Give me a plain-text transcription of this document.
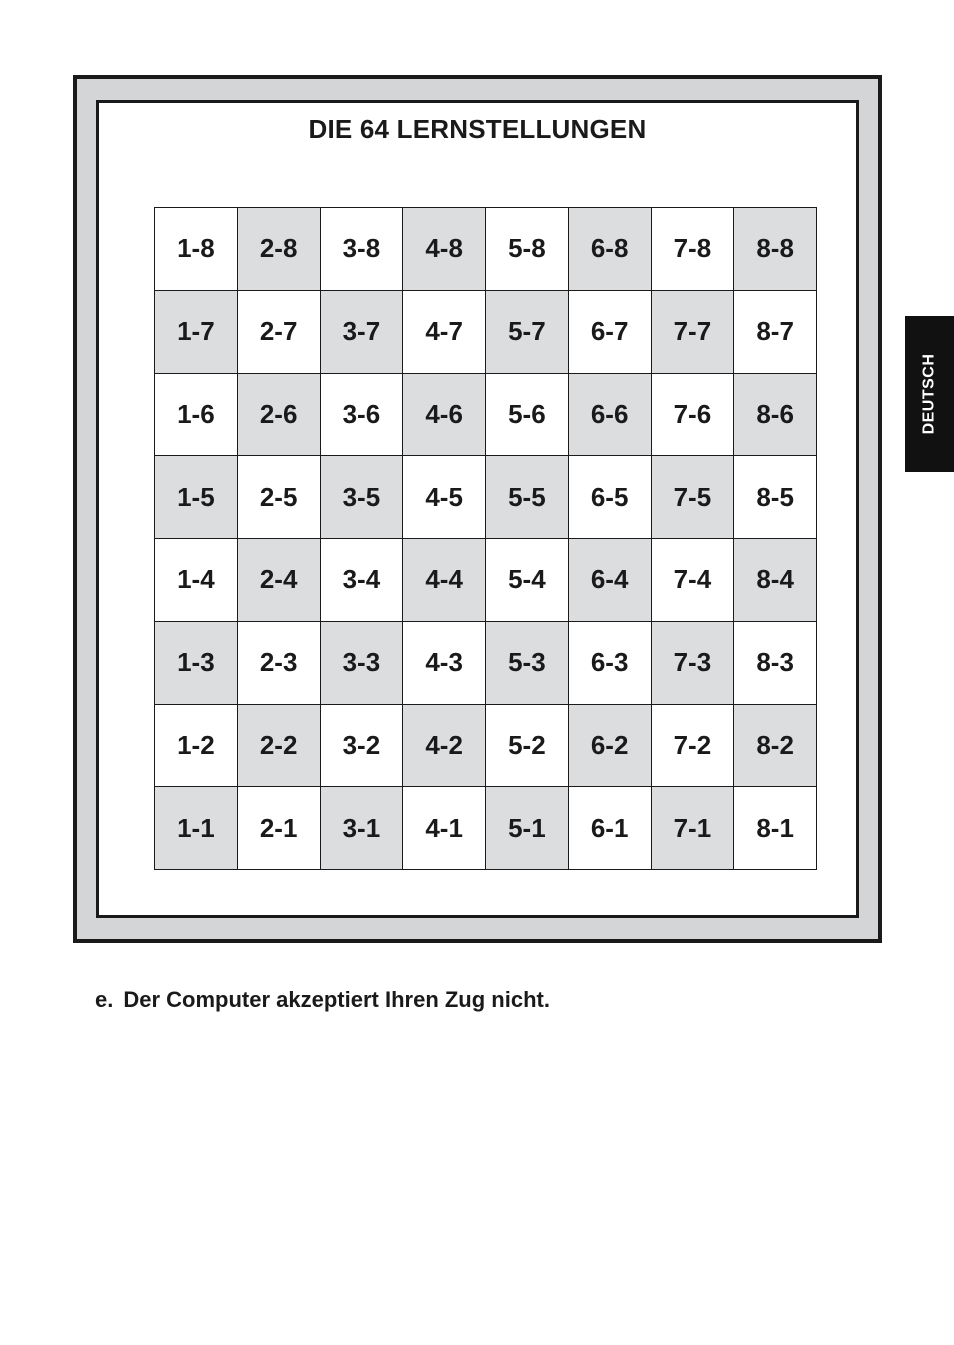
DIE 64 LERNSTELLUNGEN
1-8	2-8	3-8	4-8	5-8	6-8	7-8	8-8
1-7	2-7	3-7	4-7	5-7	6-7	7-7	8-7
1-6	2-6	3-6	4-6	5-6	6-6	7-6	8-6
1-5	2-5	3-5	4-5	5-5	6-5	7-5	8-5
1-4	2-4	3-4	4-4	5-4	6-4	7-4	8-4
1-3	2-3	3-3	4-3	5-3	6-3	7-3	8-3
1-2	2-2	3-2	4-2	5-2	6-2	7-2	8-2
1-1	2-1	3-1	4-1	5-1	6-1	7-1	8-1
e. Der Computer akzeptiert Ihren Zug nicht.
DEUTSCH
